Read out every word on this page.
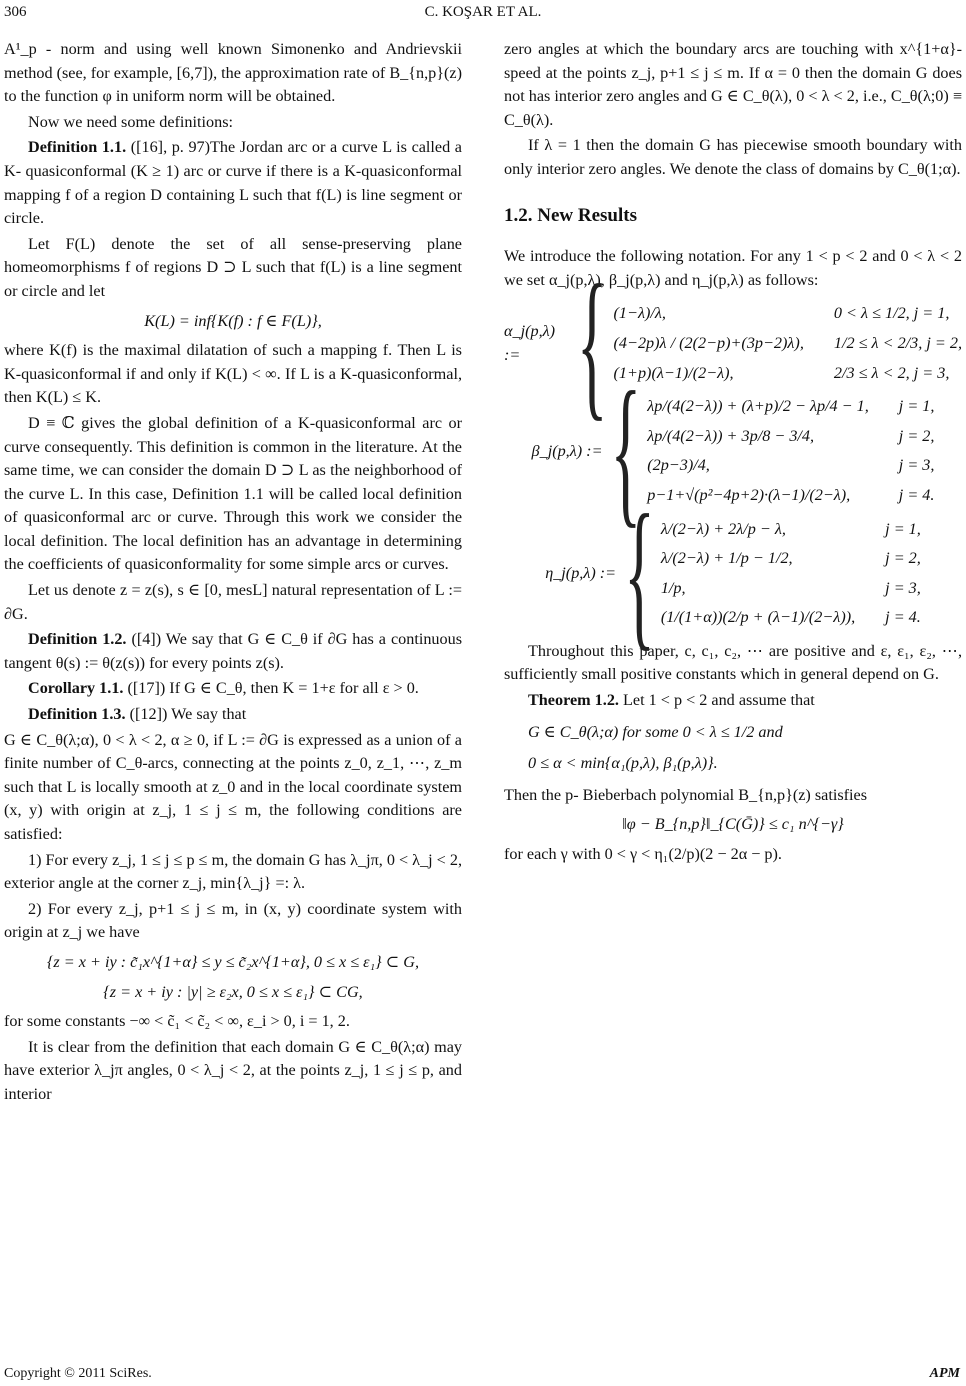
306	C. KOŞAR ET AL.

A¹_p - norm and using well known Simonenko and Andrievskii method (see, for example, [6,7]), the approximation rate of B_{n,p}(z) to the function φ in uniform norm will be obtained.

Now we need some definitions:

Definition 1.1. ([16], p. 97)The Jordan arc or a curve L is called a K- quasiconformal (K ≥ 1) arc or curve if there is a K-quasiconformal mapping f of a region D containing L such that f(L) is line segment or circle.

Let F(L) denote the set of all sense-preserving plane homeomorphisms f of regions D ⊃ L such that f(L) is a line segment or circle and let

K(L) = inf{K(f) : f ∈ F(L)},

where K(f) is the maximal dilatation of such a mapping f. Then L is K-quasiconformal if and only if K(L) < ∞. If L is a K-quasiconformal, then K(L) ≤ K.

D ≡ ℂ gives the global definition of a K-quasiconformal arc or curve consequently. This definition is common in the literature. At the same time, we can consider the domain D ⊃ L as the neighborhood of the curve L. In this case, Definition 1.1 will be called local definition of quasiconformal arc or curve. Through this work we consider the local definition. The local definition has an advantage in determining the coefficients of quasiconformality for some simple arcs or curves.

Let us denote z = z(s), s ∈ [0, mesL] natural representation of L := ∂G.

Definition 1.2. ([4]) We say that G ∈ C_θ if ∂G has a continuous tangent θ(s) := θ(z(s)) for every points z(s).

Corollary 1.1. ([17]) If G ∈ C_θ, then K = 1+ε for all ε > 0.

Definition 1.3. ([12]) We say that

G ∈ C_θ(λ;α), 0 < λ < 2, α ≥ 0, if L := ∂G is expressed as a union of a finite number of C_θ-arcs, connecting at the points z_0, z_1, ⋯, z_m such that L is locally smooth at z_0 and in the local coordinate system (x, y) with origin at z_j, 1 ≤ j ≤ m, the following conditions are satisfied:

1) For every z_j, 1 ≤ j ≤ p ≤ m, the domain G has λ_jπ, 0 < λ_j < 2, exterior angle at the corner z_j, min{λ_j} =: λ.

2) For every z_j, p+1 ≤ j ≤ m, in (x, y) coordinate system with origin at z_j we have

{z = x + iy : c̃₁x^{1+α} ≤ y ≤ c̃₂x^{1+α}, 0 ≤ x ≤ ε₁} ⊂ G,
{z = x + iy : |y| ≥ ε₂x, 0 ≤ x ≤ ε₁} ⊂ CG,

for some constants −∞ < c̃₁ < c̃₂ < ∞, ε_i > 0, i = 1, 2.

It is clear from the definition that each domain G ∈ C_θ(λ;α) may have exterior λ_jπ angles, 0 < λ_j < 2, at the points z_j, 1 ≤ j ≤ p, and interior

zero angles at which the boundary arcs are touching with x^{1+α}-speed at the points z_j, p+1 ≤ j ≤ m. If α = 0 then the domain G does not has interior zero angles and G ∈ C_θ(λ), 0 < λ < 2, i.e., C_θ(λ;0) ≡ C_θ(λ).

If λ = 1 then the domain G has piecewise smooth boundary with only interior zero angles. We denote the class of domains by C_θ(1;α).

1.2. New Results

We introduce the following notation. For any 1 < p < 2 and 0 < λ < 2 we set α_j(p,λ), β_j(p,λ) and η_j(p,λ) as follows:

α_j(p,λ) := { (1−λ)/λ,	0 < λ ≤ 1/2, j = 1,
(4−2p)λ / (2(2−p)+(3p−2)λ), 1/2 ≤ λ < 2/3, j = 2,
(1+p)(λ−1)/(2−λ),	2/3 ≤ λ < 2, j = 3,
β_j(p,λ) := { λp/(4(2−λ)) + (λ+p)/2 − λp/4 − 1, j = 1,
λp/(4(2−λ)) + 3p/8 − 3/4,	j = 2,
(2p−3)/4,	j = 3,
p−1+√(p²−4p+2)·(λ−1)/(2−λ),	j = 4.
η_j(p,λ) := { λ/(2−λ) + 2λ/p − λ,	j = 1,
λ/(2−λ) + 1/p − 1/2,	j = 2,
1/p,	j = 3,
(1/(1+α))(2/p + (λ−1)/(2−λ)), j = 4.

Throughout this paper, c, c₁, c₂, ⋯ are positive and ε, ε₁, ε₂, ⋯, sufficiently small positive constants which in general depend on G.

Theorem 1.2. Let 1 < p < 2 and assume that

G ∈ C_θ(λ;α) for some 0 < λ ≤ 1/2 and
0 ≤ α < min{α₁(p,λ), β₁(p,λ)}.

Then the p- Bieberbach polynomial B_{n,p}(z) satisfies

‖φ − B_{n,p}‖_{C(Ḡ)} ≤ c₁ n^{−γ}

for each γ with 0 < γ < η₁(2/p)(2 − 2α − p).

Copyright © 2011 SciRes.	APM
